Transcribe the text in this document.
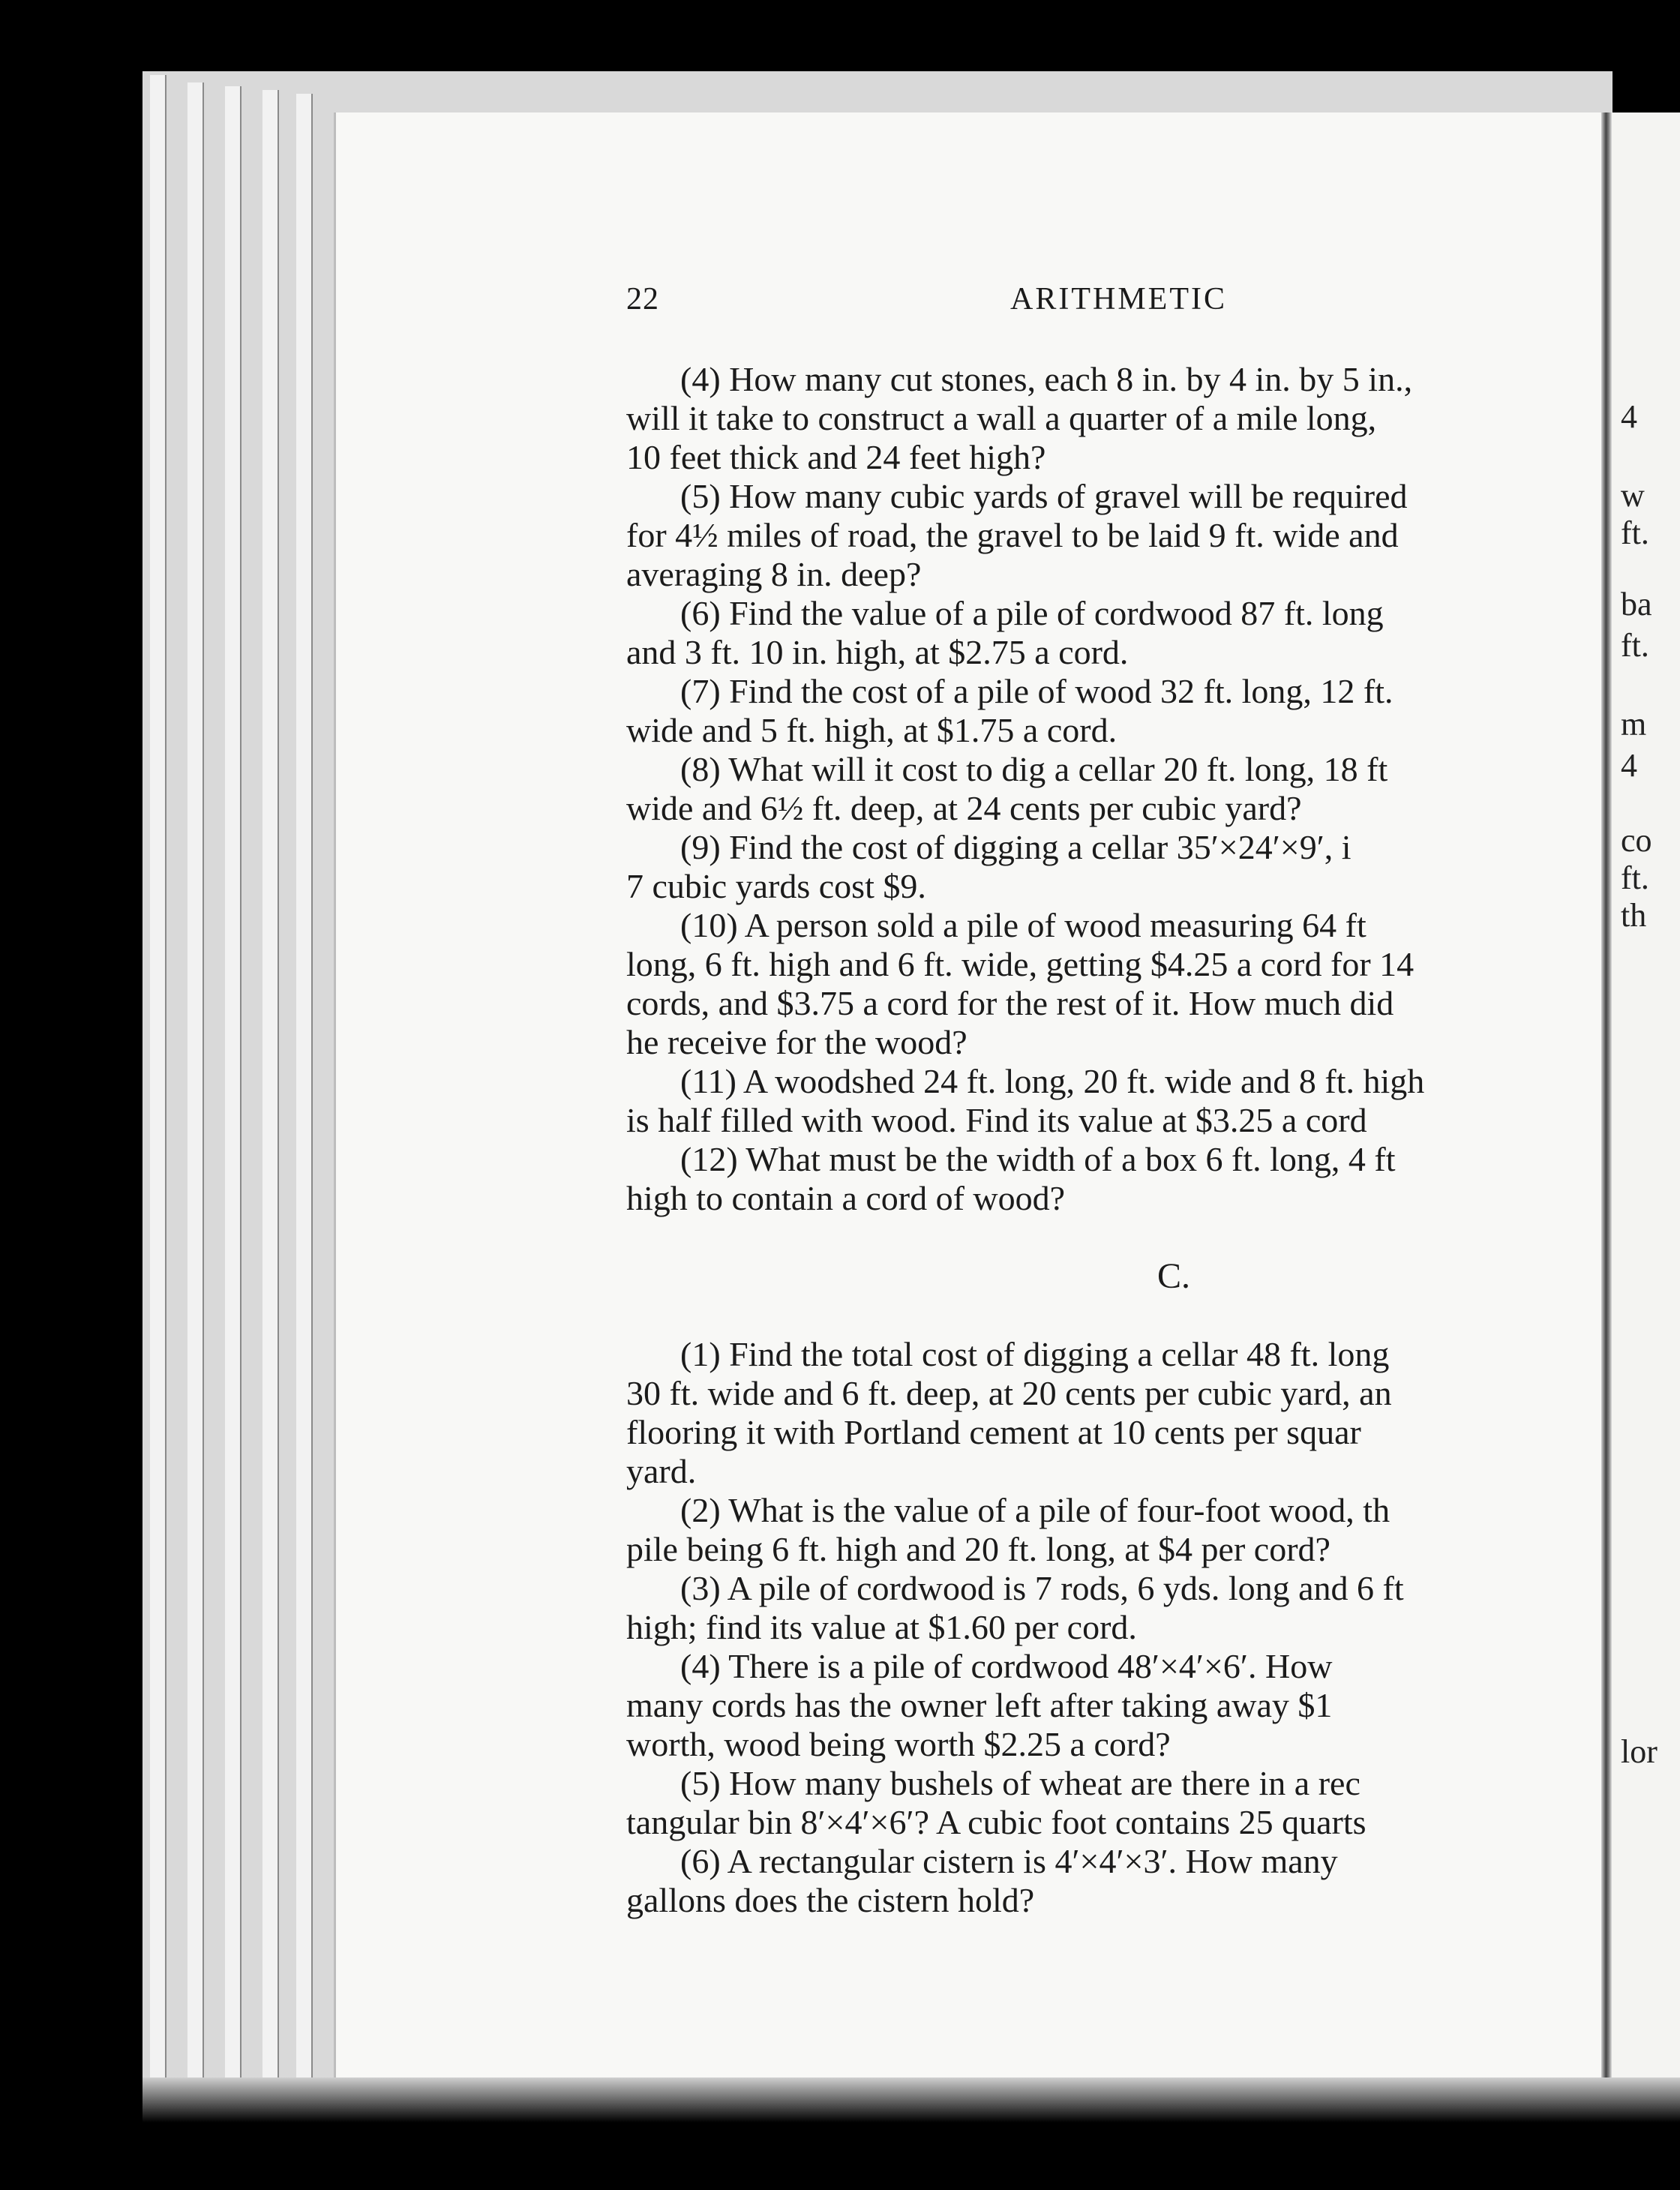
4
w
ft.
ba
ft.
m
4
co
ft.
th
lor
22	ARITHMETIC
(4) How many cut stones, each 8 in. by 4 in. by 5 in.,
will it take to construct a wall a quarter of a mile long,
10 feet thick and 24 feet high?
(5) How many cubic yards of gravel will be required
for 4½ miles of road, the gravel to be laid 9 ft. wide and
averaging 8 in. deep?
(6) Find the value of a pile of cordwood 87 ft. long
and 3 ft. 10 in. high, at $2.75 a cord.
(7) Find the cost of a pile of wood 32 ft. long, 12 ft.
wide and 5 ft. high, at $1.75 a cord.
(8) What will it cost to dig a cellar 20 ft. long, 18 ft
wide and 6½ ft. deep, at 24 cents per cubic yard?
(9) Find the cost of digging a cellar 35′×24′×9′, i
7 cubic yards cost $9.
(10) A person sold a pile of wood measuring 64 ft
long, 6 ft. high and 6 ft. wide, getting $4.25 a cord for 14
cords, and $3.75 a cord for the rest of it. How much did
he receive for the wood?
(11) A woodshed 24 ft. long, 20 ft. wide and 8 ft. high
is half filled with wood. Find its value at $3.25 a cord
(12) What must be the width of a box 6 ft. long, 4 ft
high to contain a cord of wood?
C.
(1) Find the total cost of digging a cellar 48 ft. long
30 ft. wide and 6 ft. deep, at 20 cents per cubic yard, an
flooring it with Portland cement at 10 cents per squar
yard.
(2) What is the value of a pile of four-foot wood, th
pile being 6 ft. high and 20 ft. long, at $4 per cord?
(3) A pile of cordwood is 7 rods, 6 yds. long and 6 ft
high; find its value at $1.60 per cord.
(4) There is a pile of cordwood 48′×4′×6′. How
many cords has the owner left after taking away $1
worth, wood being worth $2.25 a cord?
(5) How many bushels of wheat are there in a rec
tangular bin 8′×4′×6′? A cubic foot contains 25 quarts
(6) A rectangular cistern is 4′×4′×3′. How many
gallons does the cistern hold?
